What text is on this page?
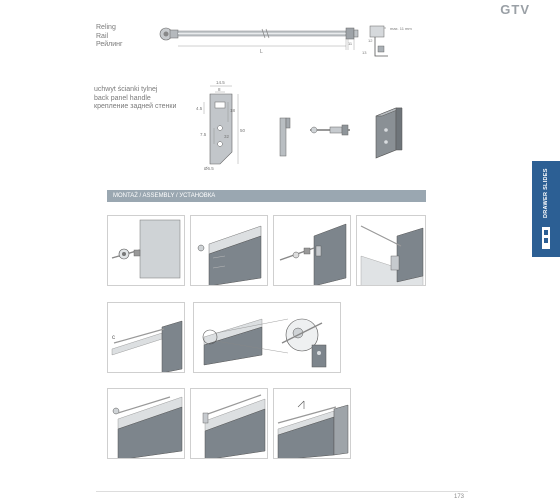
GTV
Reling
Rail
Рейлинг
L
11
max. 11 mm
13
12
uchwyt ścianki tylnej
back panel handle
крепление задней стенки
14.5
8
18
4.5
32
50
7.5
Ø6.5	DRAWER SLIDES
MONTAŻ / ASSEMBLY / УСТАНОВКА
c
173
